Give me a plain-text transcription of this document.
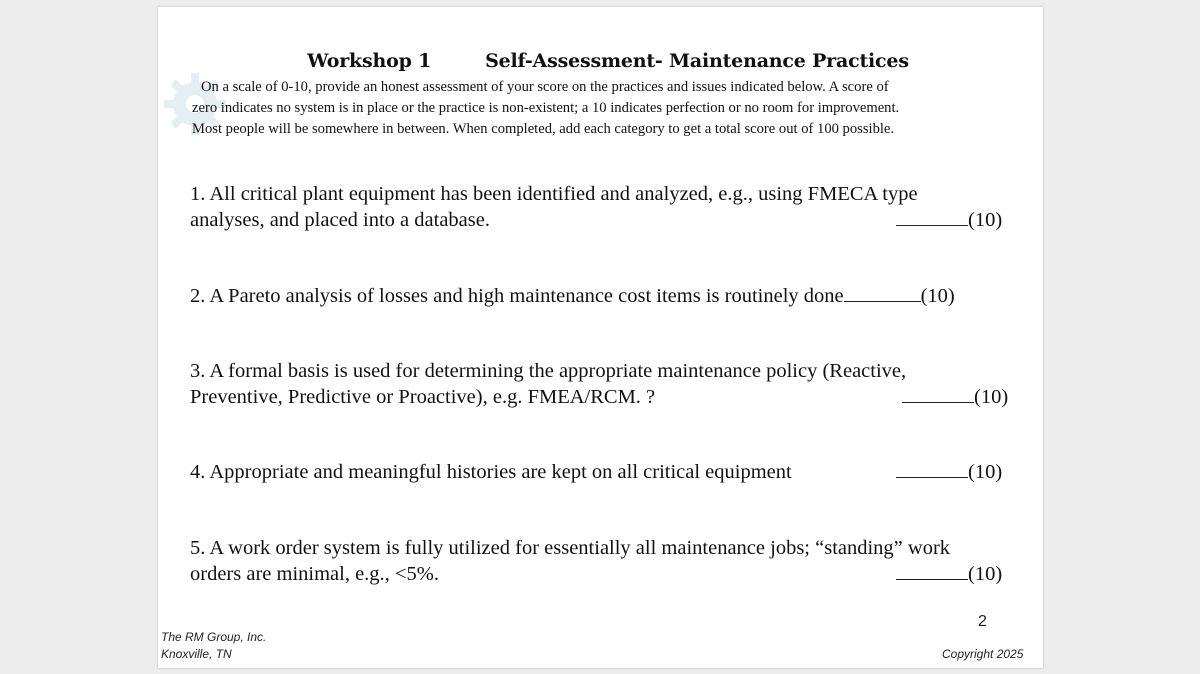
Workshop 1	Self-Assessment- Maintenance Practices
On a scale of 0-10, provide an honest assessment of your score on the practices and issues indicated below. A score of
zero indicates no system is in place or the practice is non-existent; a 10 indicates perfection or no room for improvement.
Most people will be somewhere in between. When completed, add each category to get a total score out of 100 possible.
1. All critical plant equipment has been identified and analyzed, e.g., using FMECA type
analyses, and placed into a database.	(10)
2. A Pareto analysis of losses and high maintenance cost items is routinely done	(10)
3. A formal basis is used for determining the appropriate maintenance policy (Reactive,
Preventive, Predictive or Proactive), e.g. FMEA/RCM. ?	(10)
4. Appropriate and meaningful histories are kept on all critical equipment	(10)
5. A work order system is fully utilized for essentially all maintenance jobs; “standing” work
orders are minimal, e.g., <5%.	(10)
The RM Group, Inc.
Knoxville, TN
2
Copyright 2025
